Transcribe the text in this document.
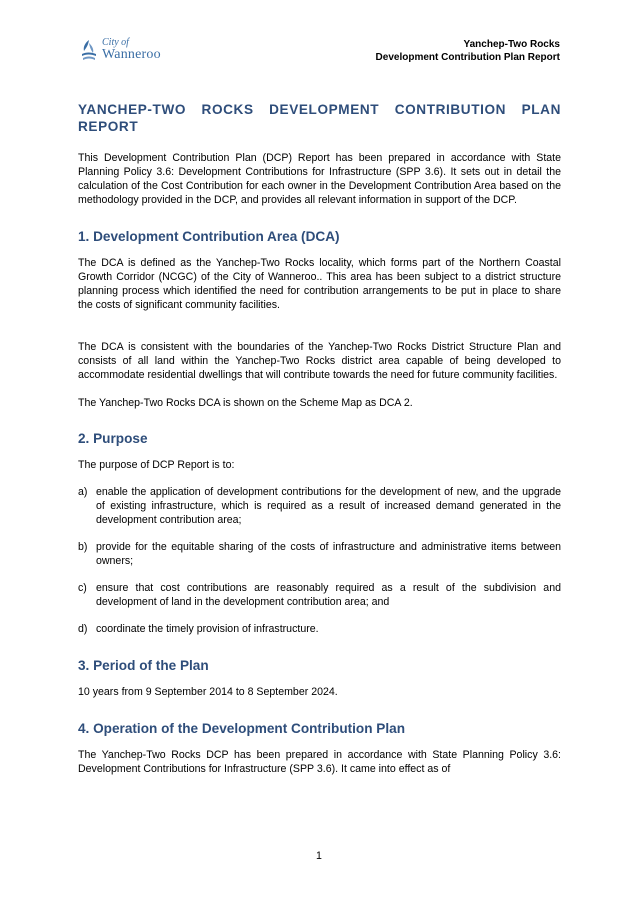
City of
Wanneroo
Yanchep-Two Rocks
Development Contribution Plan Report
YANCHEP-TWO ROCKS DEVELOPMENT CONTRIBUTION PLAN REPORT

This Development Contribution Plan (DCP) Report has been prepared in accordance with State Planning Policy 3.6: Development Contributions for Infrastructure (SPP 3.6). It sets out in detail the calculation of the Cost Contribution for each owner in the Development Contribution Area based on the methodology provided in the DCP, and provides all relevant information in support of the DCP.

1. Development Contribution Area (DCA)

The DCA is defined as the Yanchep-Two Rocks locality, which forms part of the Northern Coastal Growth Corridor (NCGC) of the City of Wanneroo.. This area has been subject to a district structure planning process which identified the need for contribution arrangements to be put in place to share the costs of significant community facilities.

The DCA is consistent with the boundaries of the Yanchep-Two Rocks District Structure Plan and consists of all land within the Yanchep-Two Rocks district area capable of being developed to accommodate residential dwellings that will contribute towards the need for future community facilities.

The Yanchep-Two Rocks DCA is shown on the Scheme Map as DCA 2.

2. Purpose

The purpose of DCP Report is to:

a) enable the application of development contributions for the development of new, and the upgrade of existing infrastructure, which is required as a result of increased demand generated in the development contribution area;
b) provide for the equitable sharing of the costs of infrastructure and administrative items between owners;
c) ensure that cost contributions are reasonably required as a result of the subdivision and development of land in the development contribution area; and
d) coordinate the timely provision of infrastructure.
3. Period of the Plan

10 years from 9 September 2014 to 8 September 2024.

4. Operation of the Development Contribution Plan

The Yanchep-Two Rocks DCP has been prepared in accordance with State Planning Policy 3.6: Development Contributions for Infrastructure (SPP 3.6). It came into effect as of

1
